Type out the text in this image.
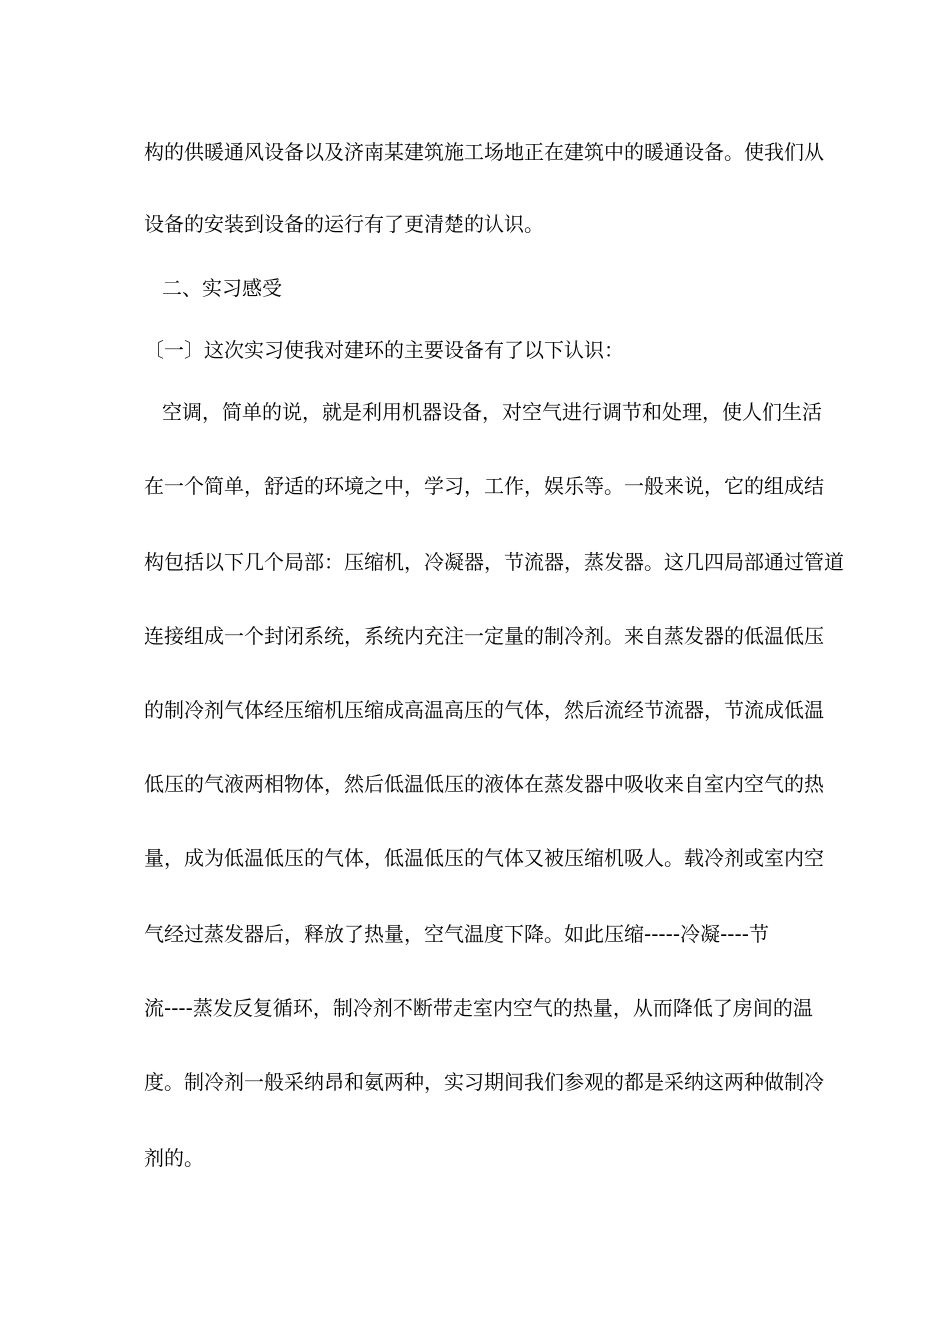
构的供暖通风设备以及济南某建筑施工场地正在建筑中的暖通设备。使我们从
设备的安装到设备的运行有了更清楚的认识。
二、实习感受
〔一〕这次实习使我对建环的主要设备有了以下认识：
空调，简单的说，就是利用机器设备，对空气进行调节和处理，使人们生活
在一个简单，舒适的环境之中，学习，工作，娱乐等。一般来说，它的组成结
构包括以下几个局部：压缩机，冷凝器，节流器，蒸发器。这几四局部通过管道
连接组成一个封闭系统，系统内充注一定量的制冷剂。来自蒸发器的低温低压
的制冷剂气体经压缩机压缩成高温高压的气体，然后流经节流器，节流成低温
低压的气液两相物体，然后低温低压的液体在蒸发器中吸收来自室内空气的热
量，成为低温低压的气体，低温低压的气体又被压缩机吸人。载冷剂或室内空
气经过蒸发器后，释放了热量，空气温度下降。如此压缩-----冷凝----节
流----蒸发反复循环，制冷剂不断带走室内空气的热量，从而降低了房间的温
度。制冷剂一般采纳昂和氨两种，实习期间我们参观的都是采纳这两种做制冷
剂的。
